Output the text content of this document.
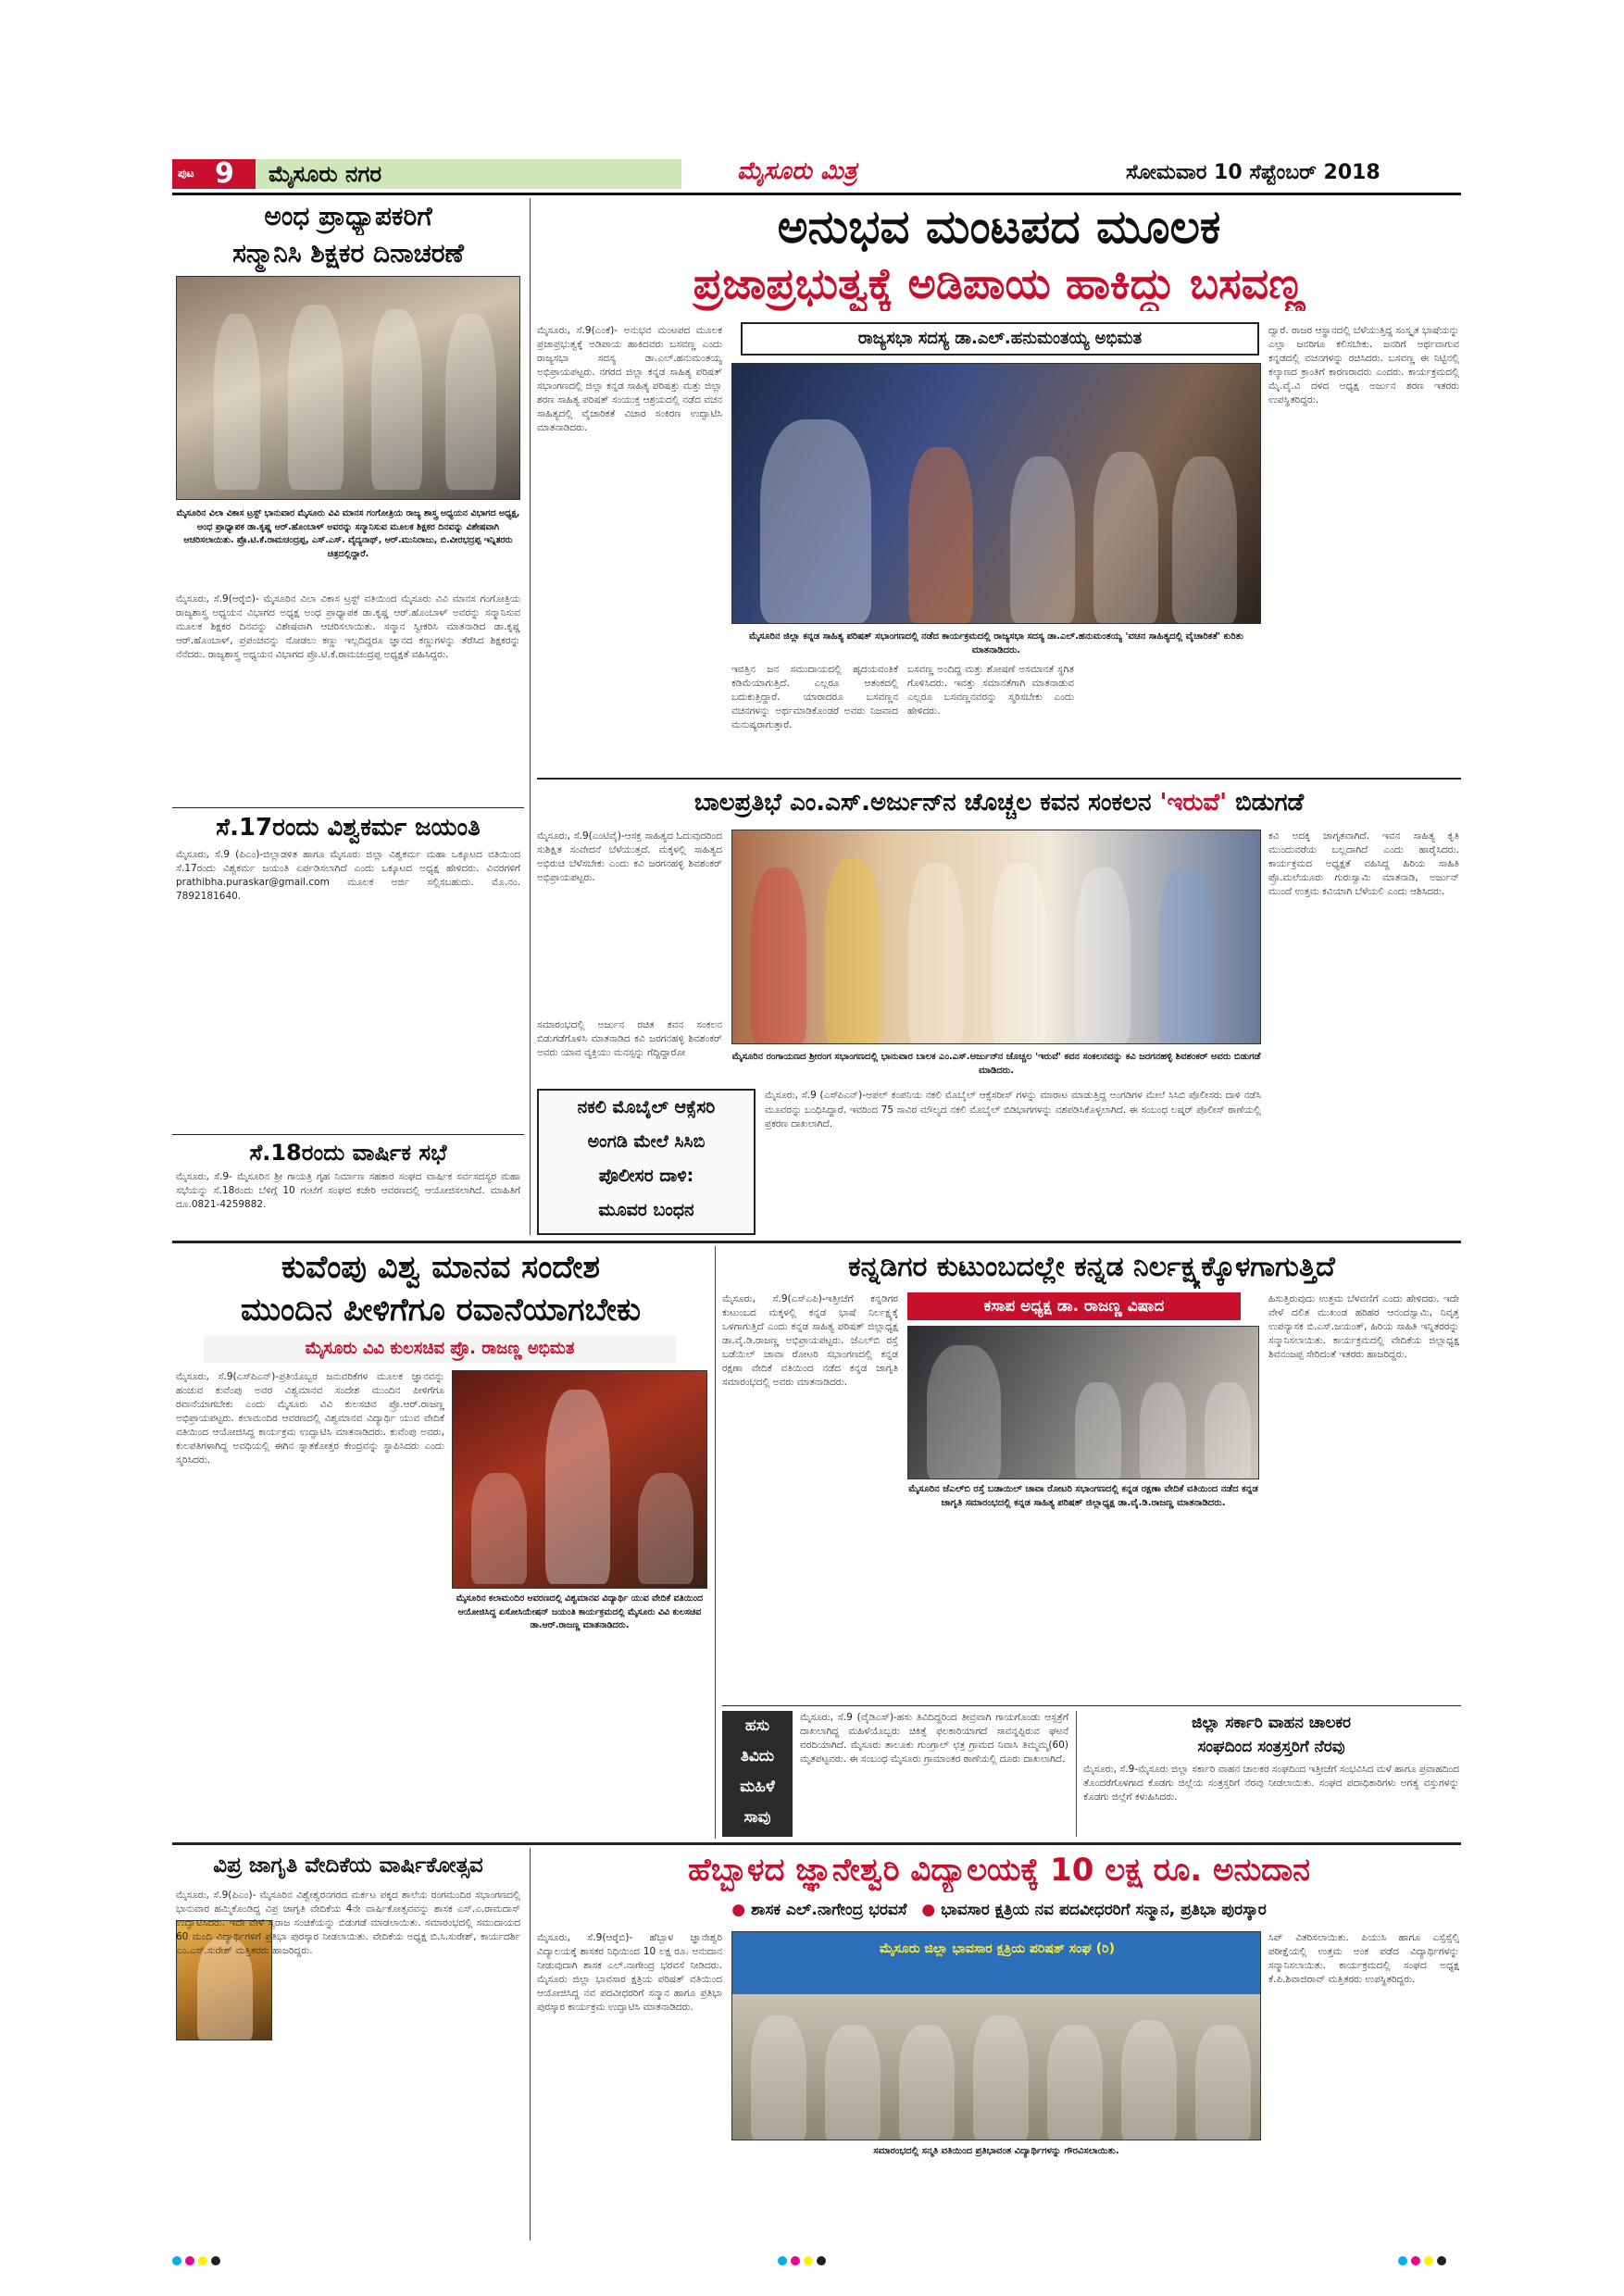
ಪುಟ 9 ಮೈಸೂರು ನಗರ	ಮೈಸೂರು ಮಿತ್ರ	ಸೋಮವಾರ 10 ಸೆಪ್ಟೆಂಬರ್ 2018
ಅಂಧ ಪ್ರಾಧ್ಯಾಪಕರಿಗೆ
ಸನ್ಮಾನಿಸಿ ಶಿಕ್ಷಕರ ದಿನಾಚರಣೆ
ಮೈಸೂರಿನ ವಿಲಾ ವಿಕಾಸ ಟ್ರಸ್ಟ್ ಭಾನುವಾರ ಮೈಸೂರು ವಿವಿ ಮಾನಸ ಗಂಗೋತ್ರಿಯ ರಾಜ್ಯ ಶಾಸ್ತ್ರ ಅಧ್ಯಯನ ವಿಭಾಗದ ಅಧ್ಯಕ್ಷ, ಅಂಧ ಪ್ರಾಧ್ಯಾಪಕ ಡಾ.ಕೃಷ್ಣ ಆರ್.ಹೊಂಬಾಳ್ ಅವರನ್ನು ಸನ್ಮಾನಿಸುವ ಮೂಲಕ ಶಿಕ್ಷಕರ ದಿನವನ್ನು ವಿಶೇಷವಾಗಿ ಆಚರಿಸಲಾಯಿತು. ಪ್ರೊ.ಟಿ.ಕೆ.ರಾಮಚಂದ್ರಪ್ಪ, ಎಸ್.ಎಸ್. ವೈದ್ಯನಾಥ್, ಆರ್.ಮುನಿರಾಜು, ಬಿ.ವೀರಭದ್ರಪ್ಪ ಇನ್ನಿತರರು ಚಿತ್ರದಲ್ಲಿದ್ದಾರೆ.
ಮೈಸೂರು, ಸೆ.9(ಆರ್‍ಕೆಬಿ)- ಮೈಸೂರಿನ ವಿಲಾ ವಿಕಾಸ ಟ್ರಸ್ಟ್ ವತಿಯಿಂದ ಮೈಸೂರು ವಿವಿ ಮಾನಸ ಗಂಗೋತ್ರಿಯ ರಾಜ್ಯಶಾಸ್ತ್ರ ಅಧ್ಯಯನ ವಿಭಾಗದ ಅಧ್ಯಕ್ಷ ಅಂಧ ಪ್ರಾಧ್ಯಾಪಕ ಡಾ.ಕೃಷ್ಣ ಆರ್.ಹೊಂಬಾಳ್ ಅವರನ್ನು ಸನ್ಮಾನಿಸುವ ಮೂಲಕ ಶಿಕ್ಷಕರ ದಿನವನ್ನು ವಿಶೇಷವಾಗಿ ಆಚರಿಸಲಾಯಿತು. ಸನ್ಮಾನ ಸ್ವೀಕರಿಸಿ ಮಾತನಾಡಿದ ಡಾ.ಕೃಷ್ಣ ಆರ್.ಹೊಂಬಾಳ್, ಪ್ರಪಂಚವನ್ನು ನೋಡಲು ಕಣ್ಣು ಇಲ್ಲದಿದ್ದರೂ ಜ್ಞಾನದ ಕಣ್ಣುಗಳನ್ನು ತೆರೆಸಿದ ಶಿಕ್ಷಕರನ್ನು ನೆನೆದರು. ರಾಜ್ಯಶಾಸ್ತ್ರ ಅಧ್ಯಯನ ವಿಭಾಗದ ಪ್ರೊ.ಟಿ.ಕೆ.ರಾಮಚಂದ್ರಪ್ಪ ಅಧ್ಯಕ್ಷತೆ ವಹಿಸಿದ್ದರು.
ಸೆ.17ರಂದು ವಿಶ್ವಕರ್ಮ ಜಯಂತಿ
ಮೈಸೂರು, ಸೆ.9 (ಪಿಎಂ)-ಜಿಲ್ಲಾಡಳಿತ ಹಾಗೂ ಮೈಸೂರು ಜಿಲ್ಲಾ ವಿಶ್ವಕರ್ಮ ಮಹಾ ಒಕ್ಕೂಟದ ವತಿಯಿಂದ ಸೆ.17ರಂದು ವಿಶ್ವಕರ್ಮ ಜಯಂತಿ ಏರ್ಪಡಿಸಲಾಗಿದೆ ಎಂದು ಒಕ್ಕೂಟದ ಅಧ್ಯಕ್ಷ ಹೇಳಿದರು. ವಿವರಗಳಿಗೆ prathibha.puraskar@gmail.com ಮೂಲಕ ಅರ್ಜಿ ಸಲ್ಲಿಸಬಹುದು. ಮೊ.ನಂ. 7892181640.
ಸೆ.18ರಂದು ವಾರ್ಷಿಕ ಸಭೆ
ಮೈಸೂರು, ಸೆ.9- ಮೈಸೂರಿನ ಶ್ರೀ ಗಾಯತ್ರಿ ಗೃಹ ನಿರ್ಮಾಣ ಸಹಕಾರ ಸಂಘದ ವಾರ್ಷಿಕ ಸರ್ವಸದಸ್ಯರ ಮಹಾ ಸಭೆಯನ್ನು ಸೆ.18ರಂದು ಬೆಳಿಗ್ಗೆ 10 ಗಂಟೆಗೆ ಸಂಘದ ಕಚೇರಿ ಆವರಣದಲ್ಲಿ ಆಯೋಜಿಸಲಾಗಿದೆ. ಮಾಹಿತಿಗೆ ದೂ.0821-4259882.
ಅನುಭವ ಮಂಟಪದ ಮೂಲಕ
ಪ್ರಜಾಪ್ರಭುತ್ವಕ್ಕೆ ಅಡಿಪಾಯ ಹಾಕಿದ್ದು ಬಸವಣ್ಣ
ರಾಜ್ಯಸಭಾ ಸದಸ್ಯ ಡಾ.ಎಲ್.ಹನುಮಂತಯ್ಯ ಅಭಿಮತ
ಮೈಸೂರು, ಸೆ.9(ಎಂಕೆ)- ಅನುಭವ ಮಂಟಪದ ಮೂಲಕ ಪ್ರಜಾಪ್ರಭುತ್ವಕ್ಕೆ ಅಡಿಪಾಯ ಹಾಕಿದವರು ಬಸವಣ್ಣ ಎಂದು ರಾಜ್ಯಸಭಾ ಸದಸ್ಯ ಡಾ.ಎಲ್.ಹನುಮಂತಯ್ಯ ಅಭಿಪ್ರಾಯಪಟ್ಟರು. ನಗರದ ಜಿಲ್ಲಾ ಕನ್ನಡ ಸಾಹಿತ್ಯ ಪರಿಷತ್ ಸಭಾಂಗಣದಲ್ಲಿ ಜಿಲ್ಲಾ ಕನ್ನಡ ಸಾಹಿತ್ಯ ಪರಿಷತ್ತು ಮತ್ತು ಜಿಲ್ಲಾ ಶರಣ ಸಾಹಿತ್ಯ ಪರಿಷತ್ ಸಂಯುಕ್ತ ಆಶ್ರಯದಲ್ಲಿ ನಡೆದ ವಚನ ಸಾಹಿತ್ಯದಲ್ಲಿ ವೈಚಾರಿಕತೆ ವಿಚಾರ ಸಂಕಿರಣ ಉದ್ಘಾಟಿಸಿ ಮಾತನಾಡಿದರು.
ಮೈಸೂರಿನ ಜಿಲ್ಲಾ ಕನ್ನಡ ಸಾಹಿತ್ಯ ಪರಿಷತ್ ಸಭಾಂಗಣದಲ್ಲಿ ನಡೆದ ಕಾರ್ಯಕ್ರಮದಲ್ಲಿ ರಾಜ್ಯಸಭಾ ಸದಸ್ಯ ಡಾ.ಎಲ್.ಹನುಮಂತಯ್ಯ 'ವಚನ ಸಾಹಿತ್ಯದಲ್ಲಿ ವೈಚಾರಿಕತೆ' ಕುರಿತು ಮಾತನಾಡಿದರು.
ಇವತ್ತಿನ ಜನ ಸಮುದಾಯದಲ್ಲಿ ಹೃದಯವಂತಿಕೆ ಕಡಿಮೆಯಾಗುತ್ತಿದೆ. ಎಲ್ಲರೂ ಆತಂಕದಲ್ಲಿ ಬದುಕುತ್ತಿದ್ದಾರೆ. ಯಾರಾದರೂ ಬಸವಣ್ಣನ ವಚನಗಳನ್ನು ಅರ್ಥಮಾಡಿಕೊಂಡರೆ ಅವರು ನಿಜವಾದ ಮನುಷ್ಯರಾಗುತ್ತಾರೆ.
ಬಸವಣ್ಣ ಅಂದಿದ್ದ ಮತ್ತು ಶೋಷಣೆ ಅಸಮಾನತೆ ಸ್ಥಗಿತ ಗೊಳಿಸಿದರು. ಇವತ್ತು ಸಮಾನತೆಗಾಗಿ ಮಾತನಾಡುವ ಎಲ್ಲರೂ ಬಸವಣ್ಣನವರನ್ನು ಸ್ಮರಿಸಬೇಕು ಎಂದು ಹೇಳಿದರು.
ದ್ವಾರೆ. ರಾಜರ ಆಸ್ಥಾನದಲ್ಲಿ ಬೆಳೆಯುತ್ತಿದ್ದ ಸಂಸ್ಕೃತ ಭಾಷೆಯನ್ನು ಎಲ್ಲಾ ಜನರಿಗೂ ಕಲಿಸಬೇಕು. ಜನರಿಗೆ ಅರ್ಥವಾಗುವ ಕನ್ನಡದಲ್ಲಿ ವಚನಗಳನ್ನು ರಚಿಸಿದರು. ಬಸವಣ್ಣ ಈ ನಿಟ್ಟಿನಲ್ಲಿ ಕಲ್ಯಾಣದ ಕ್ರಾಂತಿಗೆ ಕಾರಣರಾದರು ಎಂದರು. ಕಾರ್ಯಕ್ರಮದಲ್ಲಿ ಮೈ.ವೈ.ವಿ ದಳದ ಅಧ್ಯಕ್ಷ ಅರ್ಜುನ ಶರಣ ಇತರರು ಉಪಸ್ಥಿತರಿದ್ದರು.
ಬಾಲಪ್ರತಿಭೆ ಎಂ.ಎಸ್.ಅರ್ಜುನ್‍ನ ಚೊಚ್ಚಲ ಕವನ ಸಂಕಲನ 'ಇರುವೆ' ಬಿಡುಗಡೆ
ಮೈಸೂರು, ಸೆ.9(ಎಂಟಿವೈ)-ಆಸಕ್ತ ಸಾಹಿತ್ಯದ ಓದುವುದರಿಂದ ಸುಶಿಕ್ಷಿತ ಸಂವೇದನೆ ಬೆಳೆಯುತ್ತದೆ. ಮಕ್ಕಳಲ್ಲಿ ಸಾಹಿತ್ಯದ ಅಭಿರುಚಿ ಬೆಳೆಸಬೇಕು ಎಂದು ಕವಿ ಜರಗನಹಳ್ಳಿ ಶಿವಶಂಕರ್ ಅಭಿಪ್ರಾಯಪಟ್ಟರು.
ಮೈಸೂರಿನ ರಂಗಾಯಣದ ಶ್ರೀರಂಗ ಸಭಾಂಗಣದಲ್ಲಿ ಭಾನುವಾರ ಬಾಲಕ ಎಂ.ಎಸ್.ಅರ್ಜುನ್‍ನ ಚೊಚ್ಚಲ 'ಇರುವೆ' ಕವನ ಸಂಕಲನವನ್ನು ಕವಿ ಜರಗನಹಳ್ಳಿ ಶಿವಶಂಕರ್ ಅವರು ಬಿಡುಗಡೆ ಮಾಡಿದರು.
ಸಮಾರಂಭದಲ್ಲಿ ಅರ್ಜುನ ರಚಿತ ಕವನ ಸಂಕಲನ ಬಿಡುಗಡೆಗೊಳಿಸಿ ಮಾತನಾಡಿದ ಕವಿ ಜರಗನಹಳ್ಳಿ ಶಿವಶಂಕರ್ ಅವರು ಯಾವ ವ್ಯಕ್ತಿಯು ಮನಸ್ಸನ್ನು ಗೆದ್ದಿದ್ದಾರೋ
ಕವಿ ಅದಕ್ಕಿ ಜಾಗೃತವಾಗಿದೆ. ಇವನ ಸಾಹಿತ್ಯ ಕೃತಿ ಮುಂದುವರೆಯ ಬಲ್ಲದಾಗಿದೆ ಎಂದು ಹಾರೈಸಿದರು. ಕಾರ್ಯಕ್ರಮದ ಅಧ್ಯಕ್ಷತೆ ವಹಿಸಿದ್ದ ಹಿರಿಯ ಸಾಹಿತಿ ಪ್ರೊ.ಮಲೆಯೂರು ಗುರುಸ್ವಾಮಿ ಮಾತನಾಡಿ, ಅರ್ಜುನ್ ಮುಂದೆ ಉತ್ತಮ ಕವಿಯಾಗಿ ಬೆಳೆಯಲಿ ಎಂದು ಆಶಿಸಿದರು.
ನಕಲಿ ಮೊಬೈಲ್ ಆಕ್ಸೆಸರಿ
ಅಂಗಡಿ ಮೇಲೆ ಸಿಸಿಬಿ
ಪೊಲೀಸರ ದಾಳಿ:
ಮೂವರ ಬಂಧನ
ಮೈಸೂರು, ಸೆ.9 (ಎಸ್‍ಪಿಎನ್)-ಆಪಲ್ ಕಂಪನಿಯ ನಕಲಿ ಮೊಬೈಲ್ ಆಕ್ಸೆಸರೀಸ್ ಗಳನ್ನು ಮಾರಾಟ ಮಾಡುತ್ತಿದ್ದ ಅಂಗಡಿಗಳ ಮೇಲೆ ಸಿಸಿಬಿ ಪೊಲೀಸರು ದಾಳಿ ನಡೆಸಿ ಮೂವರನ್ನು ಬಂಧಿಸಿದ್ದಾರೆ. ಇವರಿಂದ 75 ಸಾವಿರ ಮೌಲ್ಯದ ನಕಲಿ ಮೊಬೈಲ್ ಬಿಡಿಭಾಗಗಳನ್ನು ವಶಪಡಿಸಿಕೊಳ್ಳಲಾಗಿದೆ. ಈ ಸಂಬಂಧ ಲಷ್ಕರ್ ಪೊಲೀಸ್ ಠಾಣೆಯಲ್ಲಿ ಪ್ರಕರಣ ದಾಖಲಾಗಿದೆ.
ಕುವೆಂಪು ವಿಶ್ವ ಮಾನವ ಸಂದೇಶ
ಮುಂದಿನ ಪೀಳಿಗೆಗೂ ರವಾನೆಯಾಗಬೇಕು
ಮೈಸೂರು ವಿವಿ ಕುಲಸಚಿವ ಪ್ರೊ. ರಾಜಣ್ಣ ಅಭಿಮತ
ಮೈಸೂರು, ಸೆ.9(ಎಸ್‍ಪಿಎನ್)-ಪ್ರತಿಯೊಬ್ಬರ ಜನುವರಿಕೆಗಳ ಮೂಲಕ ಜ್ಞಾನವನ್ನು ಹಂಚುವ ಕುವೆಂಪು ಅವರ ವಿಶ್ವಮಾನವ ಸಂದೇಶ ಮುಂದಿನ ಪೀಳಿಗೆಗೂ ರವಾನೆಯಾಗಬೇಕು ಎಂದು ಮೈಸೂರು ವಿವಿ ಕುಲಸಚಿವ ಪ್ರೊ.ಆರ್.ರಾಜಣ್ಣ ಅಭಿಪ್ರಾಯಪಟ್ಟರು. ಕಲಾಮಂದಿರ ಆವರಣದಲ್ಲಿ ವಿಶ್ವಮಾನವ ವಿದ್ಯಾರ್ಥಿ ಯುವ ವೇದಿಕೆ ವತಿಯಿಂದ ಆಯೋಜಿಸಿದ್ದ ಕಾರ್ಯಕ್ರಮ ಉದ್ಘಾಟಿಸಿ ಮಾತನಾಡಿದರು. ಕುವೆಂಪು ಅವರು, ಕುಲಪತಿಗಳಾಗಿದ್ದ ಅವಧಿಯಲ್ಲಿ ಈಗಿನ ಸ್ನಾತಕೋತ್ತರ ಕೇಂದ್ರವನ್ನು ಸ್ಥಾಪಿಸಿದರು ಎಂದು ಸ್ಮರಿಸಿದರು.
ಮೈಸೂರಿನ ಕಲಾಮಂದಿರ ಆವರಣದಲ್ಲಿ ವಿಶ್ವಮಾನವ ವಿದ್ಯಾರ್ಥಿ ಯುವ ವೇದಿಕೆ ವತಿಯಿಂದ ಆಯೋಜಿಸಿದ್ದ ಏಸೋಸಿಯೇಷನ್ ಜಯಂತಿ ಕಾರ್ಯಕ್ರಮದಲ್ಲಿ ಮೈಸೂರು ವಿವಿ ಕುಲಸಚಿವ ಡಾ.ಆರ್.ರಾಜಣ್ಣ ಮಾತನಾಡಿದರು.
ಕನ್ನಡಿಗರ ಕುಟುಂಬದಲ್ಲೇ ಕನ್ನಡ ನಿರ್ಲಕ್ಷ್ಯಕ್ಕೊಳಗಾಗುತ್ತಿದೆ
ಕಸಾಪ ಅಧ್ಯಕ್ಷ ಡಾ. ರಾಜಣ್ಣ ವಿಷಾದ
ಮೈಸೂರು, ಸೆ.9(ಎಸ್‍ಎಪಿ)-ಇತ್ತೀಚೆಗೆ ಕನ್ನಡಿಗರ ಕುಟುಂಬದ ಮಕ್ಕಳಲ್ಲಿ ಕನ್ನಡ ಭಾಷೆ ನಿರ್ಲಕ್ಷ್ಯಕ್ಕೆ ಒಳಗಾಗುತ್ತಿದೆ ಎಂದು ಕನ್ನಡ ಸಾಹಿತ್ಯ ಪರಿಷತ್ ಜಿಲ್ಲಾಧ್ಯಕ್ಷ ಡಾ.ವೈ.ಡಿ.ರಾಜಣ್ಣ ಅಭಿಪ್ರಾಯಪಟ್ಟರು. ಜೆಎಲ್‍ಬಿ ರಸ್ತೆ ಬಡೆಯಿಲ್ ಚಾವಾ ರೋಟರಿ ಸಭಾಂಗಣದಲ್ಲಿ ಕನ್ನಡ ರಕ್ಷಣಾ ವೇದಿಕೆ ವತಿಯಿಂದ ನಡೆದ ಕನ್ನಡ ಜಾಗೃತಿ ಸಮಾರಂಭದಲ್ಲಿ ಅವರು ಮಾತನಾಡಿದರು.
ಮೈಸೂರಿನ ಜೆಎಲ್‍ಬಿ ರಸ್ತೆ ಬಡಾಯಿಲ್ ಚಾವಾ ರೋಟರಿ ಸಭಾಂಗಣದಲ್ಲಿ ಕನ್ನಡ ರಕ್ಷಣಾ ವೇದಿಕೆ ವತಿಯಿಂದ ನಡೆದ ಕನ್ನಡ ಜಾಗೃತಿ ಸಮಾರಂಭದಲ್ಲಿ ಕನ್ನಡ ಸಾಹಿತ್ಯ ಪರಿಷತ್ ಜಿಲ್ಲಾಧ್ಯಕ್ಷ ಡಾ.ವೈ.ಡಿ.ರಾಜಣ್ಣ ಮಾತನಾಡಿದರು.
ಹಿಸುತ್ತಿರುವುದು ಉತ್ತಮ ಬೆಳವಣಿಗೆ ಎಂದು ಹೇಳಿದರು. ಇದೇ ವೇಳೆ ದಲಿತ ಮುಖಂಡ ಹರಿಹರ ಆನಂದಸ್ವಾಮಿ, ನಿವೃತ್ತ ಉಪನ್ಯಾಸಕ ಬಿ.ಎಸ್.ಜಯಂತ್, ಹಿರಿಯ ಸಾಹಿತಿ ಇನ್ನಿತರರನ್ನು ಸನ್ಮಾನಿಸಲಾಯಿತು. ಕಾರ್ಯಕ್ರಮದಲ್ಲಿ ವೇದಿಕೆಯ ಜಿಲ್ಲಾಧ್ಯಕ್ಷ ಶಿವನಂಜಪ್ಪ ಸೇರಿದಂತೆ ಇತರರು ಹಾಜರಿದ್ದರು.
ಹಸು
ತಿವಿದು
ಮಹಿಳೆ
ಸಾವು
ಮೈಸೂರು, ಸೆ.9 (ವೈಡಿಎಸ್)-ಹಸು ತಿವಿದಿದ್ದರಿಂದ ತೀವ್ರವಾಗಿ ಗಾಯಗೊಂಡು ಆಸ್ಪತ್ರೆಗೆ ದಾಖಲಾಗಿದ್ದ ಮಹಿಳೆಯೊಬ್ಬರು ಚಿಕಿತ್ಸೆ ಫಲಕಾರಿಯಾಗದೆ ಸಾವನ್ನಪ್ಪಿರುವ ಘಟನೆ ವರದಿಯಾಗಿದೆ. ಮೈಸೂರು ತಾಲೂಕು ಗುಂಗ್ರಾಲ್ ಛತ್ರ ಗ್ರಾಮದ ನಿವಾಸಿ ತಿಮ್ಮಮ್ಮ(60) ಮೃತಪಟ್ಟವರು. ಈ ಸಂಬಂಧ ಮೈಸೂರು ಗ್ರಾಮಾಂತರ ಠಾಣೆಯಲ್ಲಿ ದೂರು ದಾಖಲಾಗಿದೆ.
ಜಿಲ್ಲಾ ಸರ್ಕಾರಿ ವಾಹನ ಚಾಲಕರ
ಸಂಘದಿಂದ ಸಂತ್ರಸ್ತರಿಗೆ ನೆರವು
ಮೈಸೂರು, ಸೆ.9-ಮೈಸೂರು ಜಿಲ್ಲಾ ಸರ್ಕಾರಿ ವಾಹನ ಚಾಲಕರ ಸಂಘದಿಂದ ಇತ್ತೀಚೆಗೆ ಸಂಭವಿಸಿದ ಮಳೆ ಹಾಗೂ ಪ್ರವಾಹದಿಂದ ತೊಂದರೆಗೊಳಗಾದ ಕೊಡಗು ಜಿಲ್ಲೆಯ ಸಂತ್ರಸ್ತರಿಗೆ ನೆರವು ನೀಡಲಾಯಿತು. ಸಂಘದ ಪದಾಧಿಕಾರಿಗಳು ಅಗತ್ಯ ವಸ್ತುಗಳನ್ನು ಕೊಡಗು ಜಿಲ್ಲೆಗೆ ಕಳುಹಿಸಿದರು.
ವಿಪ್ರ ಜಾಗೃತಿ ವೇದಿಕೆಯ ವಾರ್ಷಿಕೋತ್ಸವ
ಮೈಸೂರು, ಸೆ.9(ಪಿಎಂ)- ಮೈಸೂರಿನ ವಿಶ್ವೇಶ್ವರನಗರದ ಮರ್ಕಟ ಪಕ್ಕದ ಶಾಲೆಯ ರಂಗಮಂದಿರ ಸಭಾಂಗಣದಲ್ಲಿ ಭಾನುವಾರ ಹಮ್ಮಿಕೊಂಡಿದ್ದ ವಿಪ್ರ ಜಾಗೃತಿ ವೇದಿಕೆಯ 4ನೇ ವಾರ್ಷಿಕೋತ್ಸವವನ್ನು ಶಾಸಕ ಎಸ್.ಎ.ರಾಮದಾಸ್ ಉದ್ಘಾಟಿಸಿದರು. ಇದೇ ವೇಳೆ ಸ್ವರಾಜ ಸಂಚಿಕೆಯನ್ನು ಬಿಡುಗಡೆ ಮಾಡಲಾಯಿತು. ಸಮಾರಂಭದಲ್ಲಿ ಸಮುದಾಯದ 60 ಮಂದಿ ವಿದ್ಯಾರ್ಥಿಗಳಿಗೆ ಪ್ರತಿಭಾ ಪುರಸ್ಕಾರ ನೀಡಲಾಯಿತು. ವೇದಿಕೆಯ ಅಧ್ಯಕ್ಷ ಬಿ.ಸಿ.ಸುರೇಶ್, ಕಾರ್ಯದರ್ಶಿ ಎಂ.ಎಸ್.ಸುರೇಶ್ ಮತ್ತಿತರರು ಹಾಜರಿದ್ದರು.
ಹೆಬ್ಬಾಳದ ಜ್ಞಾನೇಶ್ವರಿ ವಿದ್ಯಾಲಯಕ್ಕೆ 10 ಲಕ್ಷ ರೂ. ಅನುದಾನ
● ಶಾಸಕ ಎಲ್.ನಾಗೇಂದ್ರ ಭರವಸೆ ● ಭಾವಸಾರ ಕ್ಷತ್ರಿಯ ನವ ಪದವೀಧರರಿಗೆ ಸನ್ಮಾನ, ಪ್ರತಿಭಾ ಪುರಸ್ಕಾರ
ಮೈಸೂರು, ಸೆ.9(ಆರ್‍ಕೆಬಿ)- ಹೆಬ್ಬಾಳ ಜ್ಞಾನೇಶ್ವರಿ ವಿದ್ಯಾಲಯಕ್ಕೆ ಶಾಸಕರ ನಿಧಿಯಿಂದ 10 ಲಕ್ಷ ರೂ. ಅನುದಾನ ನೀಡುವುದಾಗಿ ಶಾಸಕ ಎಲ್.ನಾಗೇಂದ್ರ ಭರವಸೆ ನೀಡಿದರು. ಮೈಸೂರು ಜಿಲ್ಲಾ ಭಾವಸಾರ ಕ್ಷತ್ರಿಯ ಪರಿಷತ್ ವತಿಯಿಂದ ಆಯೋಜಿಸಿದ್ದ ನವ ಪದವೀಧರರಿಗೆ ಸನ್ಮಾನ ಹಾಗೂ ಪ್ರತಿಭಾ ಪುರಸ್ಕಾರ ಕಾರ್ಯಕ್ರಮ ಉದ್ಘಾಟಿಸಿ ಮಾತನಾಡಿದರು.
ಮೈಸೂರು ಜಿಲ್ಲಾ ಭಾವಸಾರ ಕ್ಷತ್ರಿಯ ಪರಿಷತ್ ಸಂಘ (ರಿ)
ಸಮಾರಂಭದಲ್ಲಿ ಸನ್ಮತಿ ವತಿಯಿಂದ ಪ್ರತಿಭಾವಂತ ವಿದ್ಯಾರ್ಥಿಗಳನ್ನು ಗೌರವಿಸಲಾಯಿತು.
ಸಿಪ್ ವಿತರಿಸಲಾಯಿತು. ಪಿಯುಸಿ ಹಾಗೂ ಎಸ್ಸೆಸ್ಸೆಲ್ಸಿ ಪರೀಕ್ಷೆಯಲ್ಲಿ ಉತ್ತಮ ಅಂಕ ಪಡೆದ ವಿದ್ಯಾರ್ಥಿಗಳನ್ನು ಸನ್ಮಾನಿಸಲಾಯಿತು. ಕಾರ್ಯಕ್ರಮದಲ್ಲಿ ಸಂಘದ ಅಧ್ಯಕ್ಷ ಕೆ.ಪಿ.ಶಿವಾಜಿರಾವ್ ಮತ್ತಿತರರು ಉಪಸ್ಥಿತರಿದ್ದರು.
